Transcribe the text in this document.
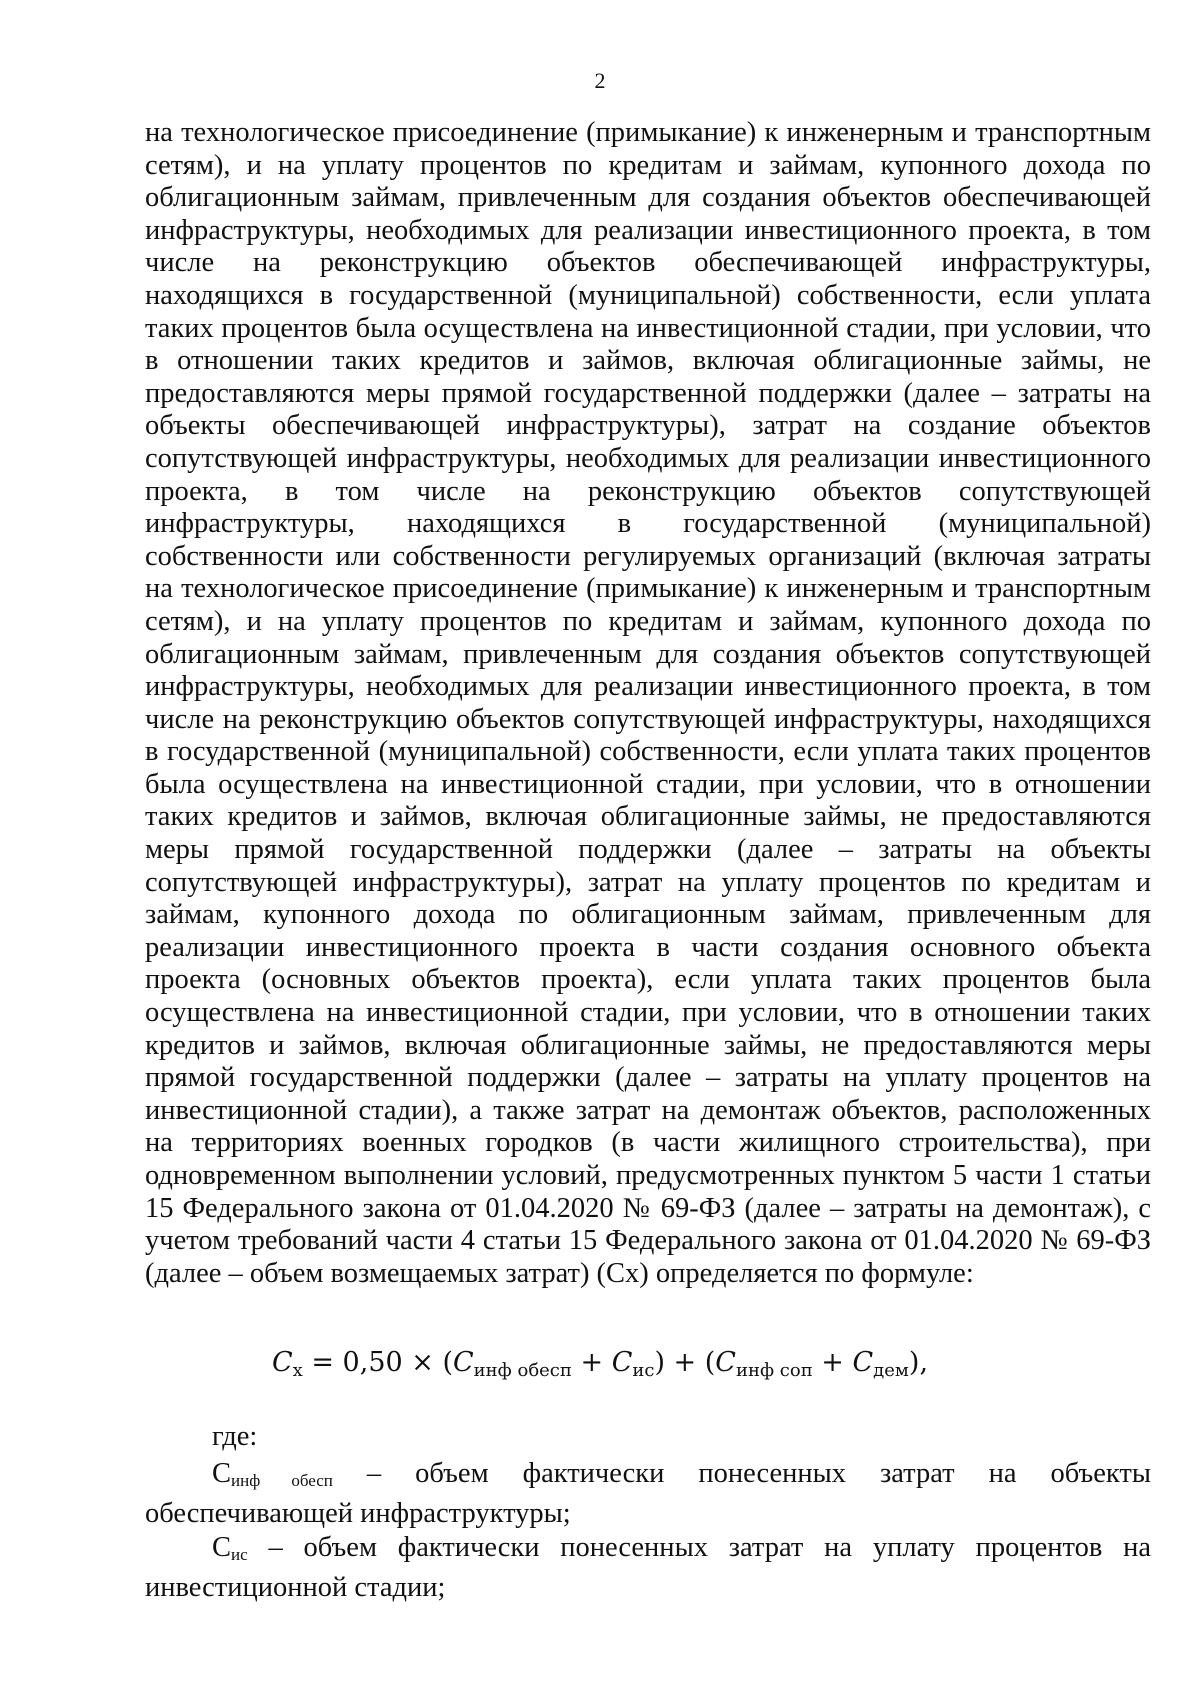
2

на технологическое присоединение (примыкание) к инженерным и транспортным сетям), и на уплату процентов по кредитам и займам, купонного дохода по облигационным займам, привлеченным для создания объектов обеспечивающей инфраструктуры, необходимых для реализации инвестиционного проекта, в том числе на реконструкцию объектов обеспечивающей инфраструктуры, находящихся в государственной (муниципальной) собственности, если уплата таких процентов была осуществлена на инвестиционной стадии, при условии, что в отношении таких кредитов и займов, включая облигационные займы, не предоставляются меры прямой государственной поддержки (далее – затраты на объекты обеспечивающей инфраструктуры), затрат на создание объектов сопутствующей инфраструктуры, необходимых для реализации инвестиционного проекта, в том числе на реконструкцию объектов сопутствующей инфраструктуры, находящихся в государственной (муниципальной) собственности или собственности регулируемых организаций (включая затраты на технологическое присоединение (примыкание) к инженерным и транспортным сетям), и на уплату процентов по кредитам и займам, купонного дохода по облигационным займам, привлеченным для создания объектов сопутствующей инфраструктуры, необходимых для реализации инвестиционного проекта, в том числе на реконструкцию объектов сопутствующей инфраструктуры, находящихся в государственной (муниципальной) собственности, если уплата таких процентов была осуществлена на инвестиционной стадии, при условии, что в отношении таких кредитов и займов, включая облигационные займы, не предоставляются меры прямой государственной поддержки (далее – затраты на объекты сопутствующей инфраструктуры), затрат на уплату процентов по кредитам и займам, купонного дохода по облигационным займам, привлеченным для реализации инвестиционного проекта в части создания основного объекта проекта (основных объектов проекта), если уплата таких процентов была осуществлена на инвестиционной стадии, при условии, что в отношении таких кредитов и займов, включая облигационные займы, не предоставляются меры прямой государственной поддержки (далее – затраты на уплату процентов на инвестиционной стадии), а также затрат на демонтаж объектов, расположенных на территориях военных городков (в части жилищного строительства), при одновременном выполнении условий, предусмотренных пунктом 5 части 1 статьи 15 Федерального закона от 01.04.2020 № 69-ФЗ (далее – затраты на демонтаж), с учетом требований части 4 статьи 15 Федерального закона от 01.04.2020 № 69-ФЗ (далее – объем возмещаемых затрат) (Cx) определяется по формуле:

$C_x = 0,50 \times (C_{инф обесп} + C_{ис}) + (C_{инф соп} + C_{дем})$,

где:

$C_{инф обесп}$ – объем фактически понесенных затрат на объекты обеспечивающей инфраструктуры;

$C_{ис}$ – объем фактически понесенных затрат на уплату процентов на инвестиционной стадии;
